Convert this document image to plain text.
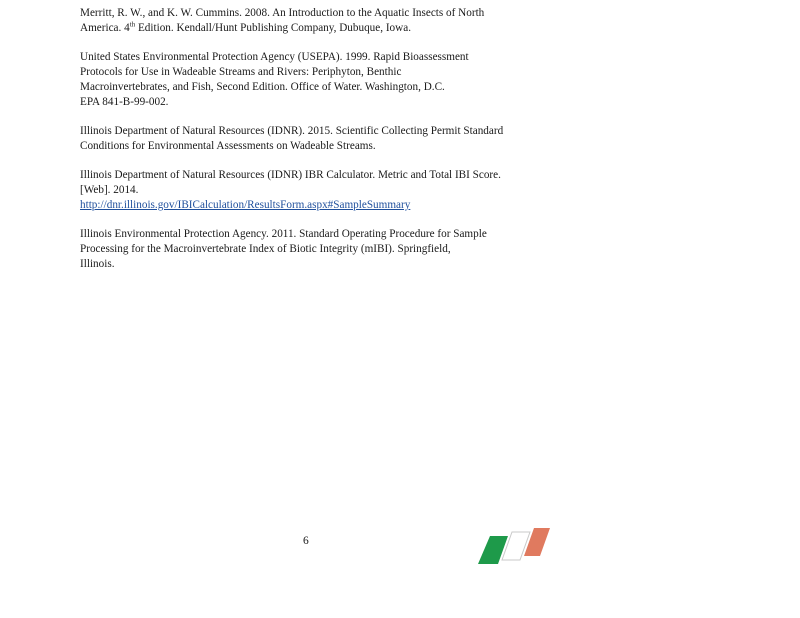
Merritt, R. W., and K. W. Cummins. 2008. An Introduction to the Aquatic Insects of North
America. 4th Edition. Kendall/Hunt Publishing Company, Dubuque, Iowa.

United States Environmental Protection Agency (USEPA). 1999. Rapid Bioassessment
Protocols for Use in Wadeable Streams and Rivers: Periphyton, Benthic
Macroinvertebrates, and Fish, Second Edition. Office of Water. Washington, D.C.
EPA 841-B-99-002.

Illinois Department of Natural Resources (IDNR). 2015. Scientific Collecting Permit Standard
Conditions for Environmental Assessments on Wadeable Streams.

Illinois Department of Natural Resources (IDNR) IBR Calculator. Metric and Total IBI Score.
[Web]. 2014.
http://dnr.illinois.gov/IBICalculation/ResultsForm.aspx#SampleSummary

Illinois Environmental Protection Agency. 2011. Standard Operating Procedure for Sample
Processing for the Macroinvertebrate Index of Biotic Integrity (mIBI). Springfield,
Illinois.

6
